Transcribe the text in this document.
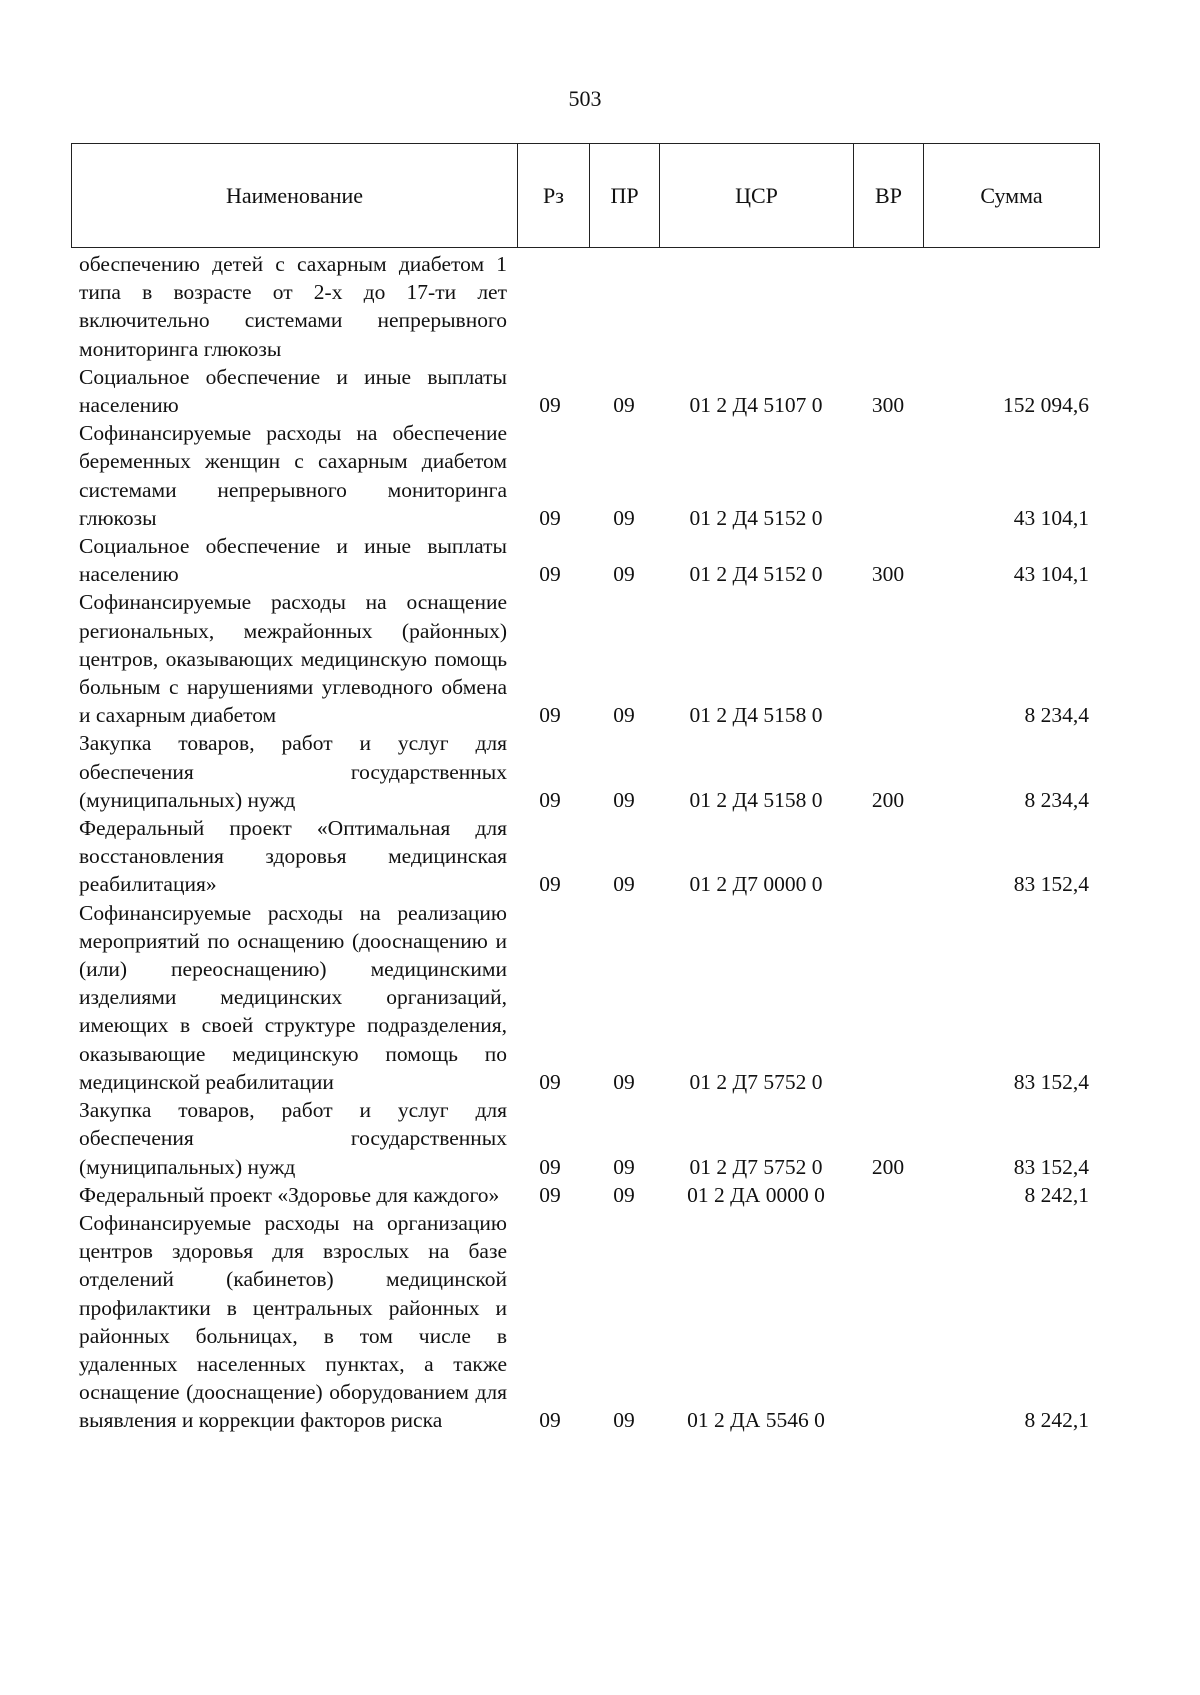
503
Наименование	Рз	ПР	ЦСР	ВР	Сумма
обеспечению детей с сахарным диабетом 1 типа в возрасте от 2-х до 17-ти лет включительно системами непрерывного мониторинга глюкозы					
Социальное обеспечение и иные выплаты населению	09	09	01 2 Д4 5107 0	300	152 094,6
Софинансируемые расходы на обеспечение беременных женщин с сахарным диабетом системами непрерывного мониторинга глюкозы	09	09	01 2 Д4 5152 0		43 104,1
Социальное обеспечение и иные выплаты населению	09	09	01 2 Д4 5152 0	300	43 104,1
Софинансируемые расходы на оснащение региональных, межрайонных (районных) центров, оказывающих медицинскую помощь больным с нарушениями углеводного обмена и сахарным диабетом	09	09	01 2 Д4 5158 0		8 234,4
Закупка товаров, работ и услуг для обеспечения государственных (муниципальных) нужд	09	09	01 2 Д4 5158 0	200	8 234,4
Федеральный проект «Оптимальная для восстановления здоровья медицинская реабилитация»	09	09	01 2 Д7 0000 0		83 152,4
Софинансируемые расходы на реализацию мероприятий по оснащению (дооснащению и (или) переоснащению) медицинскими изделиями медицинских организаций, имеющих в своей структуре подразделения, оказывающие медицинскую помощь по медицинской реабилитации	09	09	01 2 Д7 5752 0		83 152,4
Закупка товаров, работ и услуг для обеспечения государственных (муниципальных) нужд	09	09	01 2 Д7 5752 0	200	83 152,4
Федеральный проект «Здоровье для каждого»	09	09	01 2 ДА 0000 0		8 242,1
Софинансируемые расходы на организацию центров здоровья для взрослых на базе отделений (кабинетов) медицинской профилактики в центральных районных и районных больницах, в том числе в удаленных населенных пунктах, а также оснащение (дооснащение) оборудованием для выявления и коррекции факторов риска	09	09	01 2 ДА 5546 0		8 242,1
